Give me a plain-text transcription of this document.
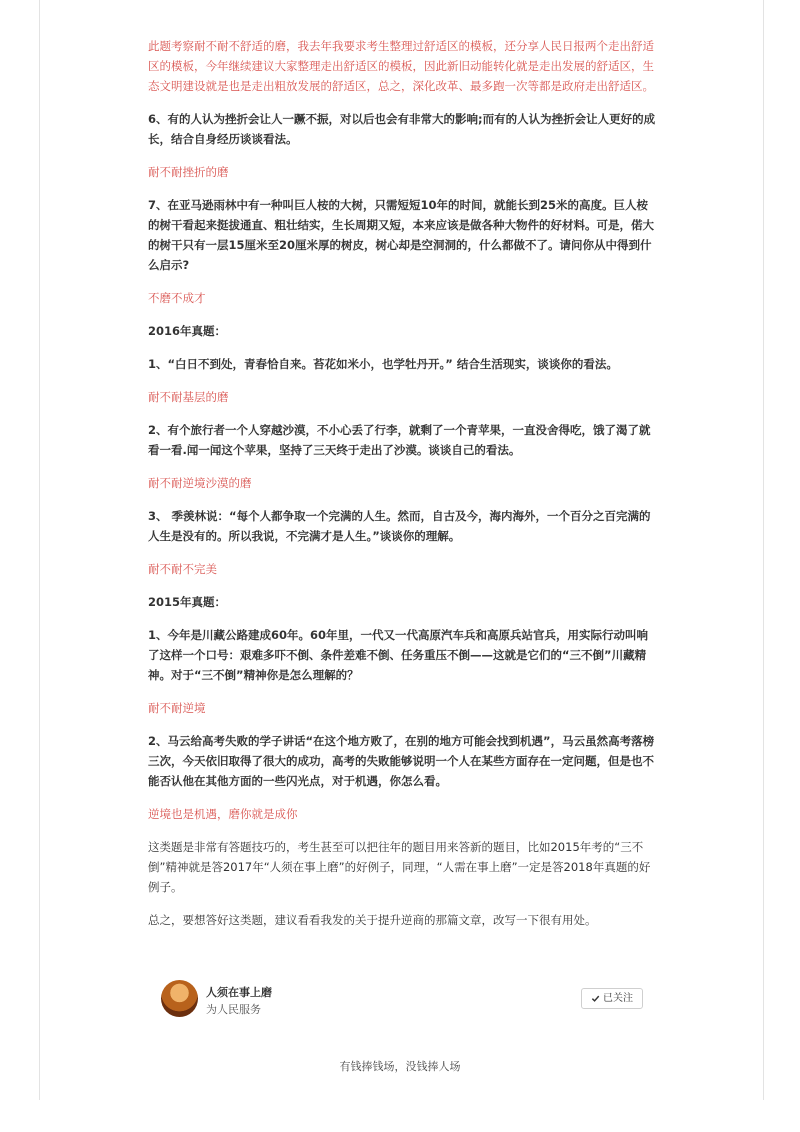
此题考察耐不耐不舒适的磨，我去年我要求考生整理过舒适区的模板，还分享人民日报两个走出舒适区的模板，今年继续建议大家整理走出舒适区的模板，因此新旧动能转化就是走出发展的舒适区，生态文明建设就是也是走出粗放发展的舒适区，总之，深化改革、最多跑一次等都是政府走出舒适区。

6、有的人认为挫折会让人一蹶不振，对以后也会有非常大的影响;而有的人认为挫折会让人更好的成长，结合自身经历谈谈看法。

耐不耐挫折的磨

7、在亚马逊雨林中有一种叫巨人桉的大树，只需短短10年的时间，就能长到25米的高度。巨人桉的树干看起来挺拔通直、粗壮结实，生长周期又短，本来应该是做各种大物件的好材料。可是，偌大的树干只有一层15厘米至20厘米厚的树皮，树心却是空洞洞的，什么都做不了。请问你从中得到什么启示?

不磨不成才

2016年真题：

1、“白日不到处，青春恰自来。苔花如米小，也学牡丹开。” 结合生活现实，谈谈你的看法。

耐不耐基层的磨

2、有个旅行者一个人穿越沙漠，不小心丢了行李，就剩了一个青苹果，一直没舍得吃，饿了渴了就看一看.闻一闻这个苹果，坚持了三天终于走出了沙漠。谈谈自己的看法。

耐不耐逆境沙漠的磨

3、 季羡林说：“每个人都争取一个完满的人生。然而，自古及今，海内海外，一个百分之百完满的人生是没有的。所以我说，不完满才是人生。”谈谈你的理解。

耐不耐不完美

2015年真题：

1、今年是川藏公路建成60年。60年里，一代又一代高原汽车兵和高原兵站官兵，用实际行动叫响了这样一个口号：艰难多吓不倒、条件差难不倒、任务重压不倒——这就是它们的“三不倒”川藏精神。对于“三不倒”精神你是怎么理解的？

耐不耐逆境

2、马云给高考失败的学子讲话“在这个地方败了，在别的地方可能会找到机遇”，马云虽然高考落榜三次，今天依旧取得了很大的成功，高考的失败能够说明一个人在某些方面存在一定问题，但是也不能否认他在其他方面的一些闪光点，对于机遇，你怎么看。

逆境也是机遇，磨你就是成你

这类题是非常有答题技巧的，考生甚至可以把往年的题目用来答新的题目，比如2015年考的“三不倒”精神就是答2017年“人须在事上磨”的好例子，同理，“人需在事上磨”一定是答2018年真题的好例子。

总之，要想答好这类题，建议看看我发的关于提升逆商的那篇文章，改写一下很有用处。

人须在事上磨
为人民服务
已关注
有钱捧钱场，没钱捧人场
